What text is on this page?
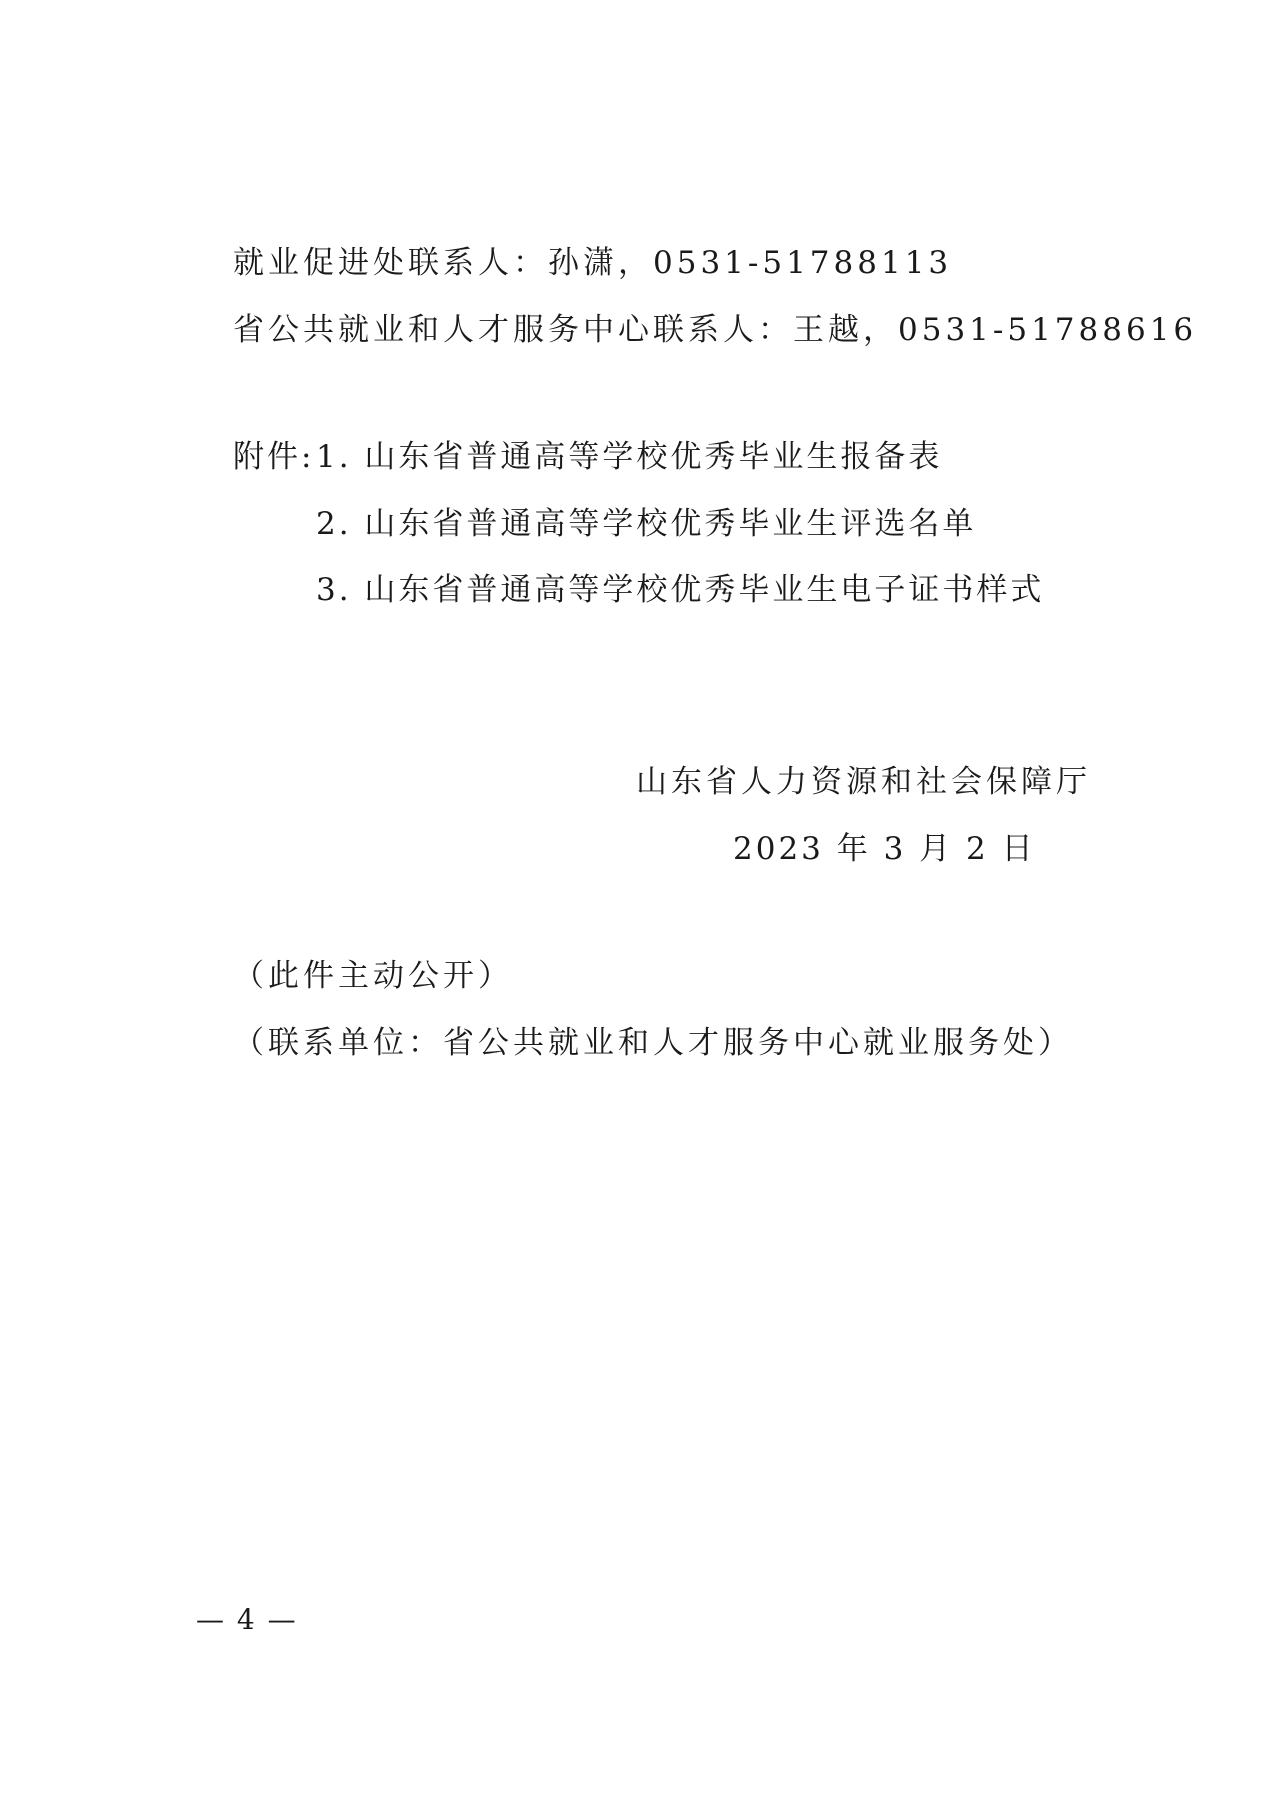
就业促进处联系人：孙潇，0531-51788113
省公共就业和人才服务中心联系人：王越，0531-51788616
附件: 1. 山东省普通高等学校优秀毕业生报备表
2. 山东省普通高等学校优秀毕业生评选名单
3. 山东省普通高等学校优秀毕业生电子证书样式
山东省人力资源和社会保障厅
2023 年 3 月 2 日
（此件主动公开）
（联系单位：省公共就业和人才服务中心就业服务处）
— 4 —
